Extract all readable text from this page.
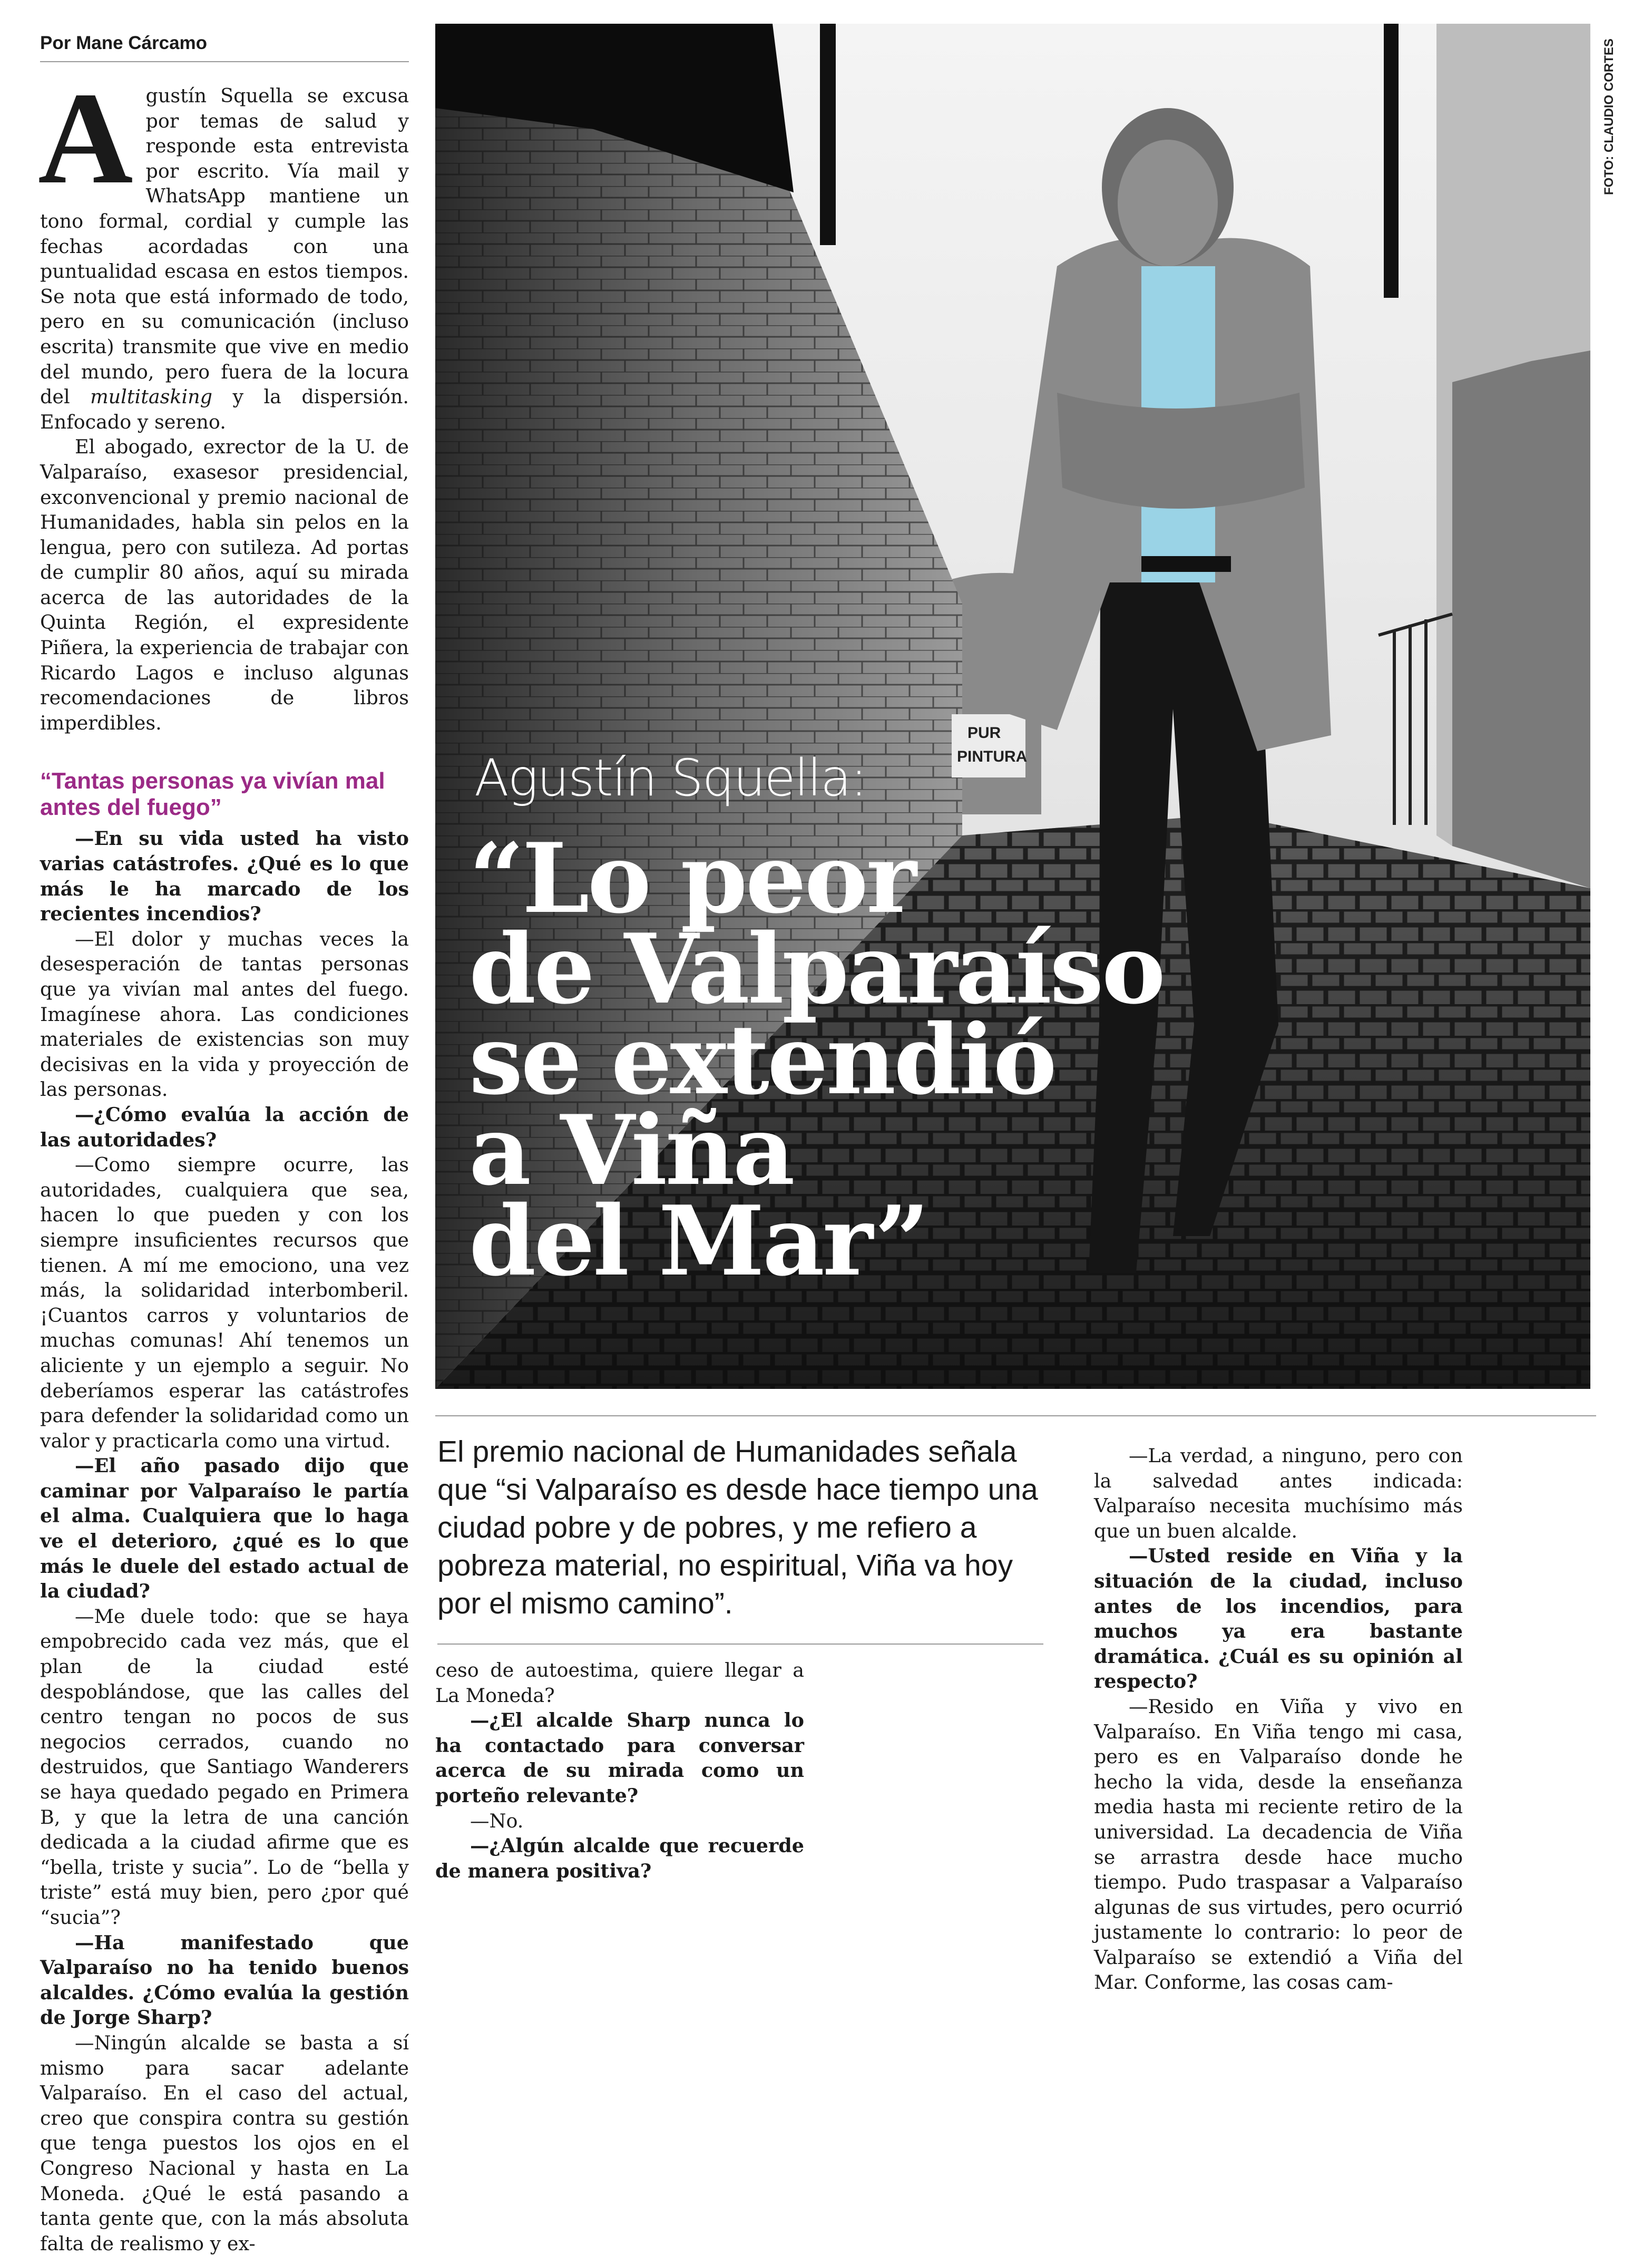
Por Mane Cárcamo

Agustín Squella se excusa por temas de salud y responde esta entrevista por escrito. Vía mail y WhatsApp mantiene un tono formal, cordial y cumple las fechas acordadas con una puntualidad escasa en estos tiempos. Se nota que está informado de todo, pero en su comunicación (incluso escrita) transmite que vive en medio del mundo, pero fuera de la locura del multitasking y la dispersión. Enfocado y sereno.

El abogado, exrector de la U. de Valparaíso, exasesor presidencial, exconvencional y premio nacional de Humanidades, habla sin pelos en la lengua, pero con sutileza. Ad portas de cumplir 80 años, aquí su mirada acerca de las autoridades de la Quinta Región, el expresidente Piñera, la experiencia de trabajar con Ricardo Lagos e incluso algunas recomendaciones de libros imperdibles.

“Tantas personas ya vivían mal antes del fuego”

—En su vida usted ha visto varias catástrofes. ¿Qué es lo que más le ha marcado de los recientes incendios?

—El dolor y muchas veces la desesperación de tantas personas que ya vivían mal antes del fuego. Imagínese ahora. Las condiciones materiales de existencias son muy decisivas en la vida y proyección de las personas.

—¿Cómo evalúa la acción de las autoridades?

—Como siempre ocurre, las autoridades, cualquiera que sea, hacen lo que pueden y con los siempre insuficientes recursos que tienen. A mí me emociono, una vez más, la solidaridad interbomberil. ¡Cuantos carros y voluntarios de muchas comunas! Ahí tenemos un aliciente y un ejemplo a seguir. No deberíamos esperar las catástrofes para defender la solidaridad como un valor y practicarla como una virtud.

—El año pasado dijo que caminar por Valparaíso le partía el alma. Cualquiera que lo haga ve el deterioro, ¿qué es lo que más le duele del estado actual de la ciudad?

—Me duele todo: que se haya empobrecido cada vez más, que el plan de la ciudad esté despoblándose, que las calles del centro tengan no pocos de sus negocios cerrados, cuando no destruidos, que Santiago Wanderers se haya quedado pegado en Primera B, y que la letra de una canción dedicada a la ciudad afirme que es “bella, triste y sucia”. Lo de “bella y triste” está muy bien, pero ¿por qué “sucia”?

—Ha manifestado que Valparaíso no ha tenido buenos alcaldes. ¿Cómo evalúa la gestión de Jorge Sharp?

—Ningún alcalde se basta a sí mismo para sacar adelante Valparaíso. En el caso del actual, creo que conspira contra su gestión que tenga puestos los ojos en el Congreso Nacional y hasta en La Moneda. ¿Qué le está pasando a tanta gente que, con la más absoluta falta de realismo y ex-

PUR
PINTURA
FOTO: CLAUDIO CORTES
Agustín Squella:
“Lo peor
de Valparaíso
se extendió
a Viña
del Mar”
El premio nacional de Humanidades señala que “si Valparaíso es desde hace tiempo una ciudad pobre y de pobres, y me refiero a pobreza material, no espiritual, Viña va hoy por el mismo camino”.

ceso de autoestima, quiere llegar a La Moneda?

—¿El alcalde Sharp nunca lo ha contactado para conversar acerca de su mirada como un porteño relevante?

—No.

—¿Algún alcalde que recuerde de manera positiva?

—La verdad, a ninguno, pero con la salvedad antes indicada: Valparaíso necesita muchísimo más que un buen alcalde.

—Usted reside en Viña y la situación de la ciudad, incluso antes de los incendios, para muchos ya era bastante dramática. ¿Cuál es su opinión al respecto?

—Resido en Viña y vivo en Valparaíso. En Viña tengo mi casa, pero es en Valparaíso donde he hecho la vida, desde la enseñanza media hasta mi reciente retiro de la universidad. La decadencia de Viña se arrastra desde hace mucho tiempo. Pudo traspasar a Valparaíso algunas de sus virtudes, pero ocurrió justamente lo contrario: lo peor de Valparaíso se extendió a Viña del Mar. Conforme, las cosas cam-
